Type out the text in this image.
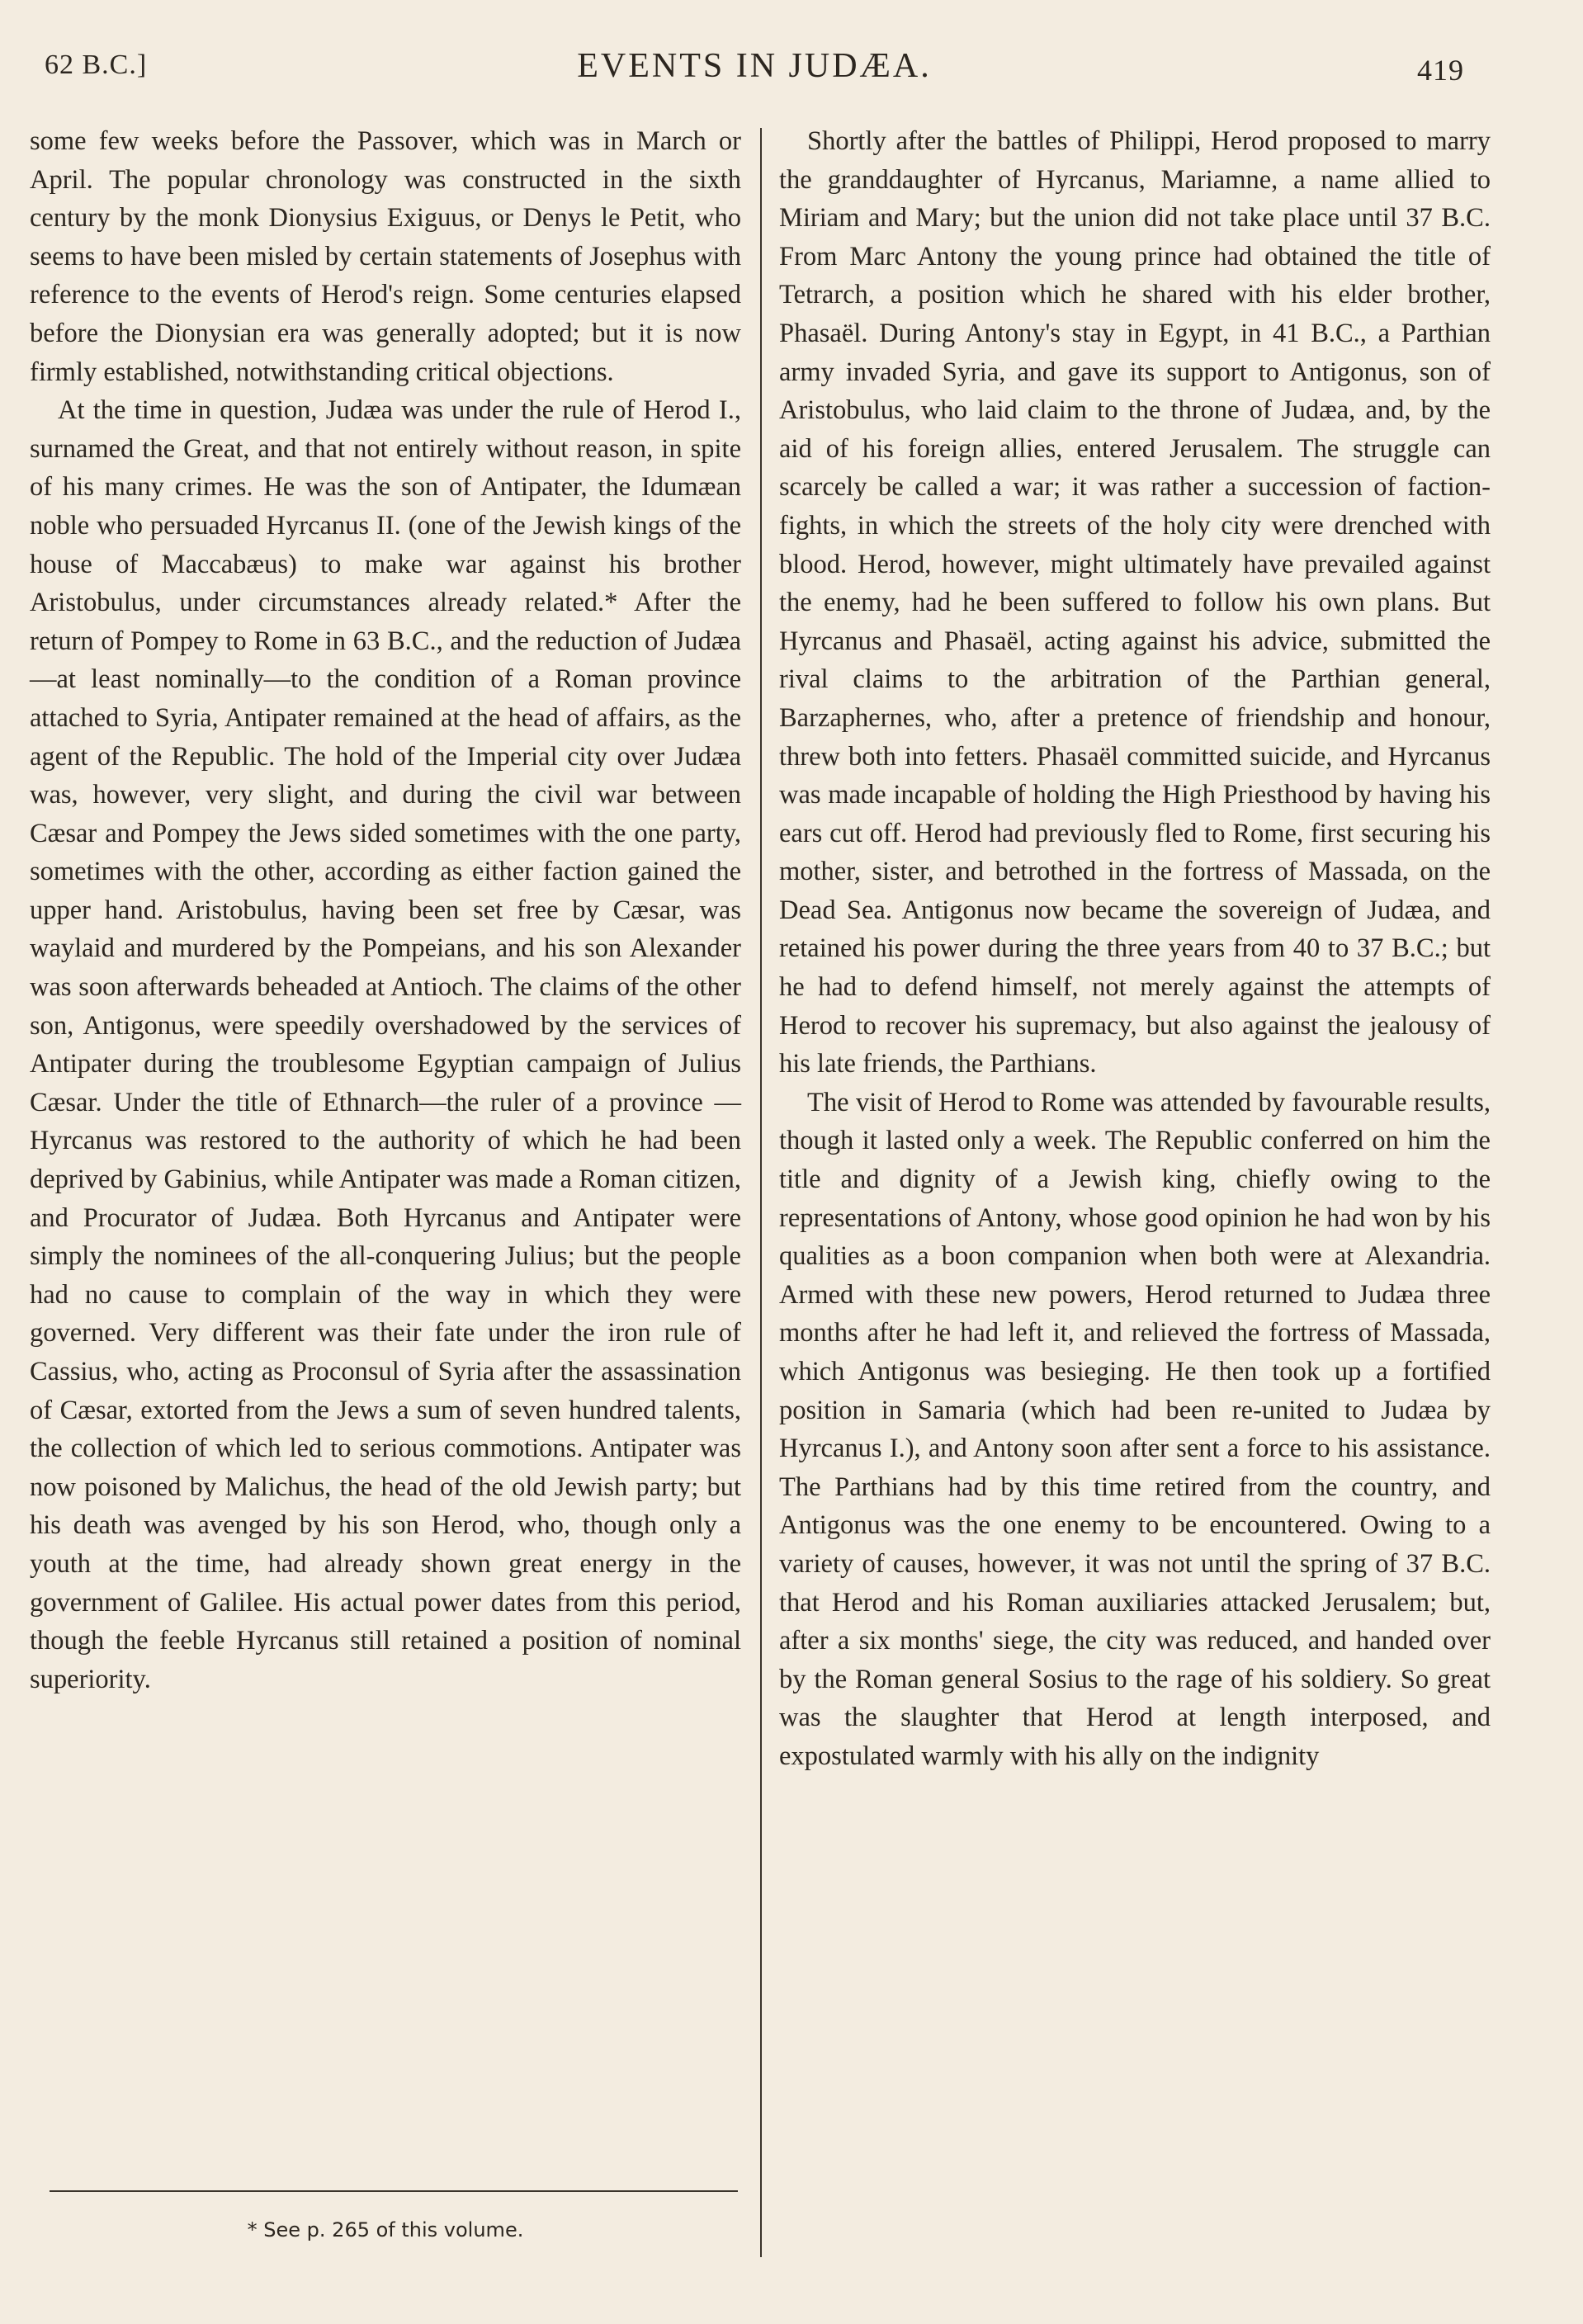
62 B.C.]	EVENTS IN JUDÆA.	419

some few weeks before the Passover, which was in March or April. The popular chronology was constructed in the sixth century by the monk Dionysius Exiguus, or Denys le Petit, who seems to have been misled by certain statements of Josephus with reference to the events of Herod's reign. Some centuries elapsed before the Dionysian era was generally adopted; but it is now firmly established, notwithstanding critical objections.

At the time in question, Judæa was under the rule of Herod I., surnamed the Great, and that not entirely without reason, in spite of his many crimes. He was the son of Antipater, the Idumæan noble who persuaded Hyrcanus II. (one of the Jewish kings of the house of Maccabæus) to make war against his brother Aristobulus, under circumstances already related.* After the return of Pompey to Rome in 63 B.C., and the reduction of Judæa—at least nominally—to the condition of a Roman province attached to Syria, Antipater remained at the head of affairs, as the agent of the Republic. The hold of the Imperial city over Judæa was, however, very slight, and during the civil war between Cæsar and Pompey the Jews sided sometimes with the one party, sometimes with the other, according as either faction gained the upper hand. Aristobulus, having been set free by Cæsar, was waylaid and murdered by the Pompeians, and his son Alexander was soon afterwards beheaded at Antioch. The claims of the other son, Antigonus, were speedily overshadowed by the services of Antipater during the troublesome Egyptian campaign of Julius Cæsar. Under the title of Ethnarch—the ruler of a province — Hyrcanus was restored to the authority of which he had been deprived by Gabinius, while Antipater was made a Roman citizen, and Procurator of Judæa. Both Hyrcanus and Antipater were simply the nominees of the all-conquering Julius; but the people had no cause to complain of the way in which they were governed. Very different was their fate under the iron rule of Cassius, who, acting as Proconsul of Syria after the assassination of Cæsar, extorted from the Jews a sum of seven hundred talents, the collection of which led to serious commotions. Antipater was now poisoned by Malichus, the head of the old Jewish party; but his death was avenged by his son Herod, who, though only a youth at the time, had already shown great energy in the government of Galilee. His actual power dates from this period, though the feeble Hyrcanus still retained a position of nominal superiority.

Shortly after the battles of Philippi, Herod proposed to marry the granddaughter of Hyrcanus, Mariamne, a name allied to Miriam and Mary; but the union did not take place until 37 B.C. From Marc Antony the young prince had obtained the title of Tetrarch, a position which he shared with his elder brother, Phasaël. During Antony's stay in Egypt, in 41 B.C., a Parthian army invaded Syria, and gave its support to Antigonus, son of Aristobulus, who laid claim to the throne of Judæa, and, by the aid of his foreign allies, entered Jerusalem. The struggle can scarcely be called a war; it was rather a succession of faction-fights, in which the streets of the holy city were drenched with blood. Herod, however, might ultimately have prevailed against the enemy, had he been suffered to follow his own plans. But Hyrcanus and Phasaël, acting against his advice, submitted the rival claims to the arbitration of the Parthian general, Barzaphernes, who, after a pretence of friendship and honour, threw both into fetters. Phasaël committed suicide, and Hyrcanus was made incapable of holding the High Priesthood by having his ears cut off. Herod had previously fled to Rome, first securing his mother, sister, and betrothed in the fortress of Massada, on the Dead Sea. Antigonus now became the sovereign of Judæa, and retained his power during the three years from 40 to 37 B.C.; but he had to defend himself, not merely against the attempts of Herod to recover his supremacy, but also against the jealousy of his late friends, the Parthians.

The visit of Herod to Rome was attended by favourable results, though it lasted only a week. The Republic conferred on him the title and dignity of a Jewish king, chiefly owing to the representations of Antony, whose good opinion he had won by his qualities as a boon companion when both were at Alexandria. Armed with these new powers, Herod returned to Judæa three months after he had left it, and relieved the fortress of Massada, which Antigonus was besieging. He then took up a fortified position in Samaria (which had been re-united to Judæa by Hyrcanus I.), and Antony soon after sent a force to his assistance. The Parthians had by this time retired from the country, and Antigonus was the one enemy to be encountered. Owing to a variety of causes, however, it was not until the spring of 37 B.C. that Herod and his Roman auxiliaries attacked Jerusalem; but, after a six months' siege, the city was reduced, and handed over by the Roman general Sosius to the rage of his soldiery. So great was the slaughter that Herod at length interposed, and expostulated warmly with his ally on the indignity

* See p. 265 of this volume.
